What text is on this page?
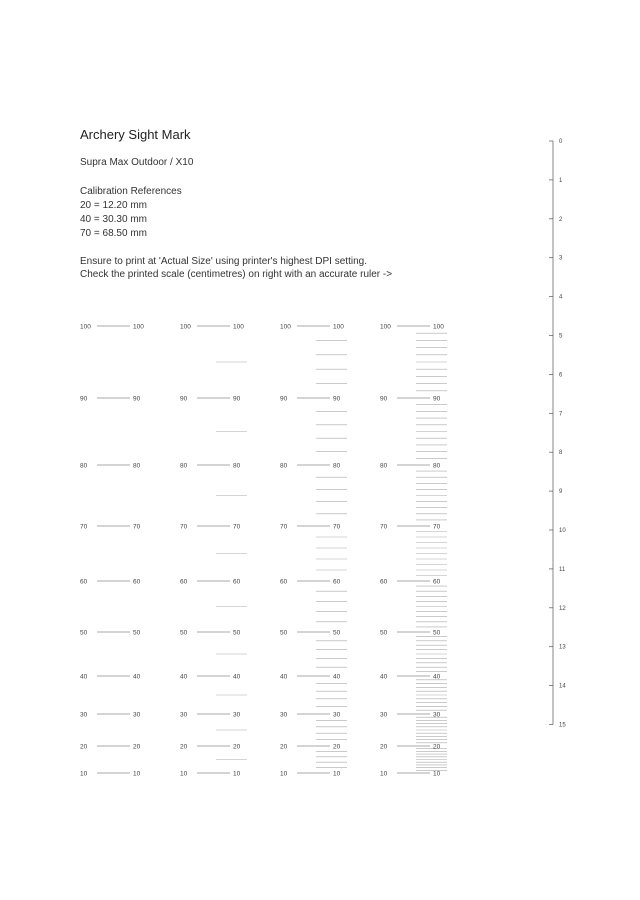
Archery Sight Mark
Supra Max Outdoor / X10
Calibration References
20 = 12.20 mm
40 = 30.30 mm
70 = 68.50 mm
Ensure to print at 'Actual Size' using printer's highest DPI setting.
Check the printed scale (centimetres) on right with an accurate ruler ->
100	100
90	90
80	80
70	70
60	60
50	50
40	40
30	30
20	20
10	10
100	100
90	90
80	80
70	70
60	60
50	50
40	40
30	30
20	20
10	10
100	100
90	90
80	80
70	70
60	60
50	50
40	40
30	30
20	20
10	10
100	100
90	90
80	80
70	70
60	60
50	50
40	40
30	30
20	20
10	10
0
1
2
3
4
5
6
7
8
9
10
11
12
13
14
15
